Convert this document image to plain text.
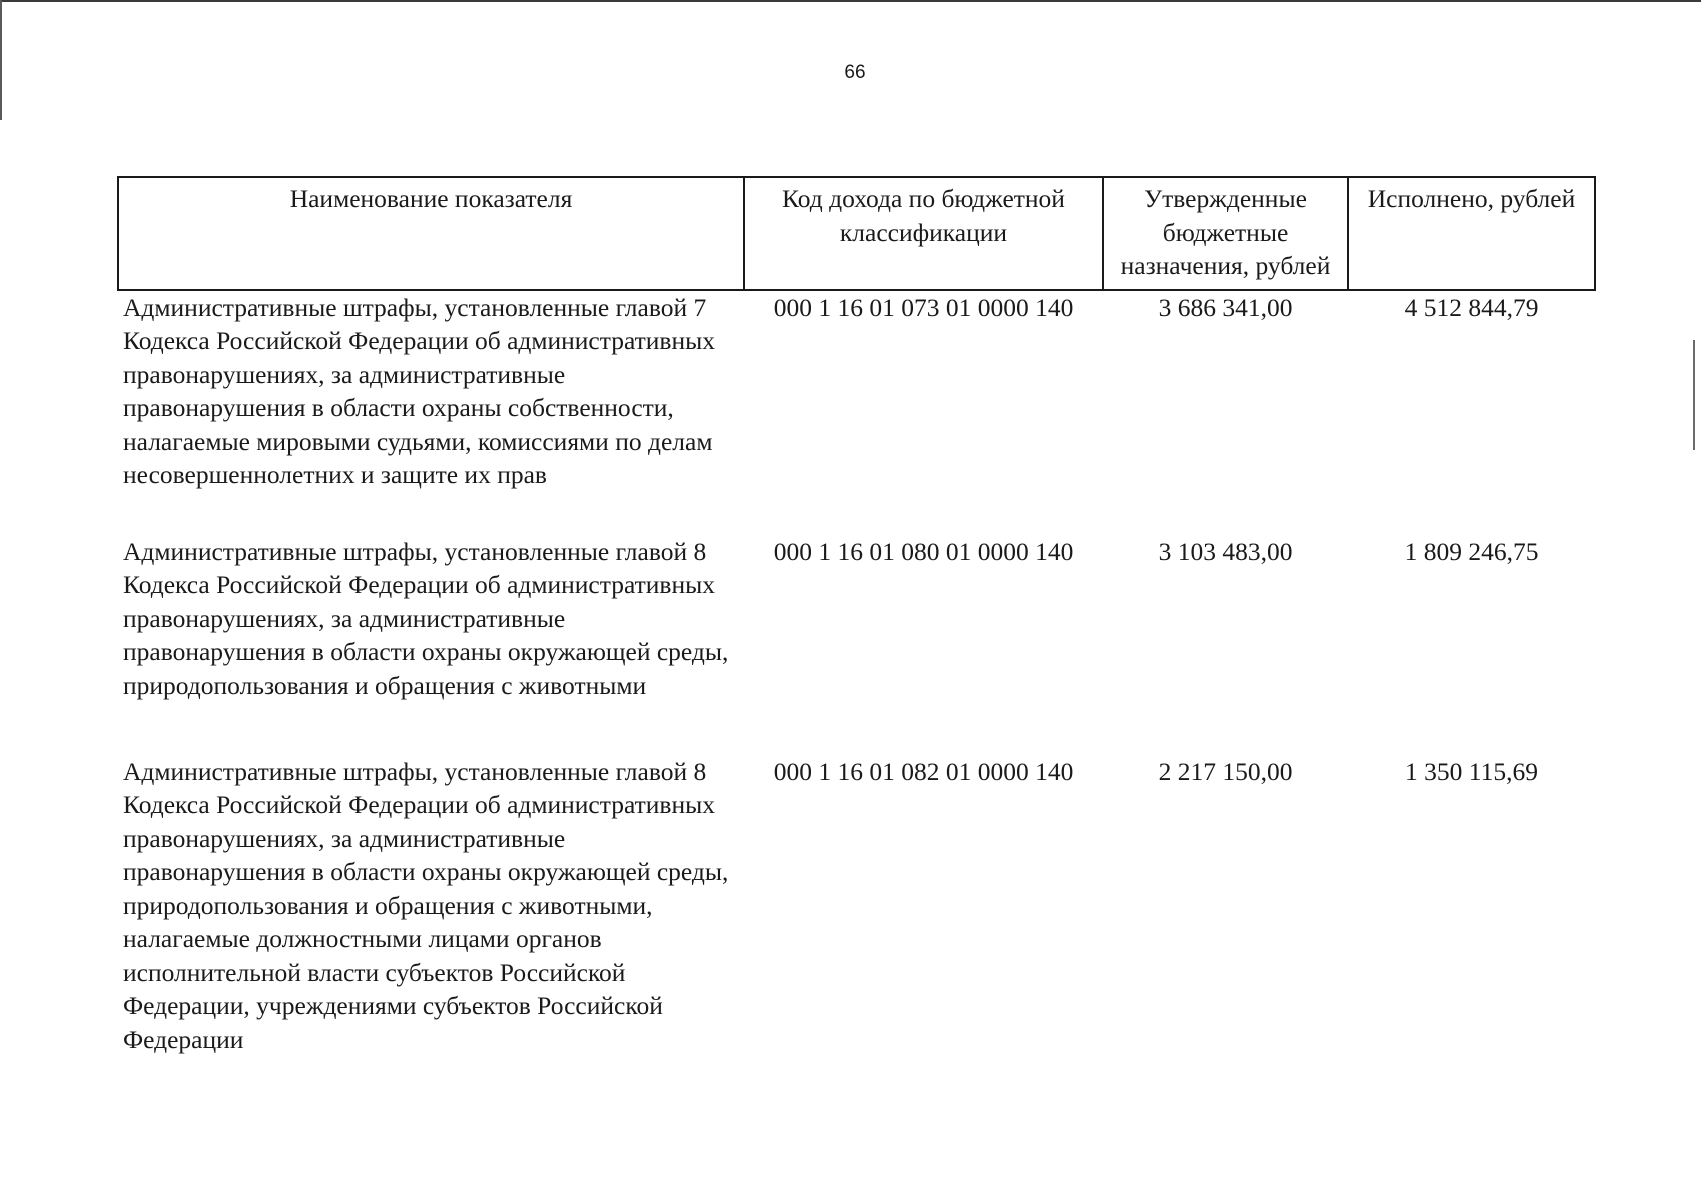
66
Наименование показателя	Код дохода по бюджетной классификации	Утвержденные бюджетные назначения, рублей	Исполнено, рублей
Административные штрафы, установленные главой 7 Кодекса Российской Федерации об административных правонарушениях, за административные правонарушения в области охраны собственности, налагаемые мировыми судьями, комиссиями по делам несовершеннолетних и защите их прав	000 1 16 01 073 01 0000 140	3 686 341,00	4 512 844,79
Административные штрафы, установленные главой 8 Кодекса Российской Федерации об административных правонарушениях, за административные правонарушения в области охраны окружающей среды, природопользования и обращения с животными	000 1 16 01 080 01 0000 140	3 103 483,00	1 809 246,75
Административные штрафы, установленные главой 8 Кодекса Российской Федерации об административных правонарушениях, за административные правонарушения в области охраны окружающей среды, природопользования и обращения с животными, налагаемые должностными лицами органов исполнительной власти субъектов Российской Федерации, учреждениями субъектов Российской Федерации	000 1 16 01 082 01 0000 140	2 217 150,00	1 350 115,69
